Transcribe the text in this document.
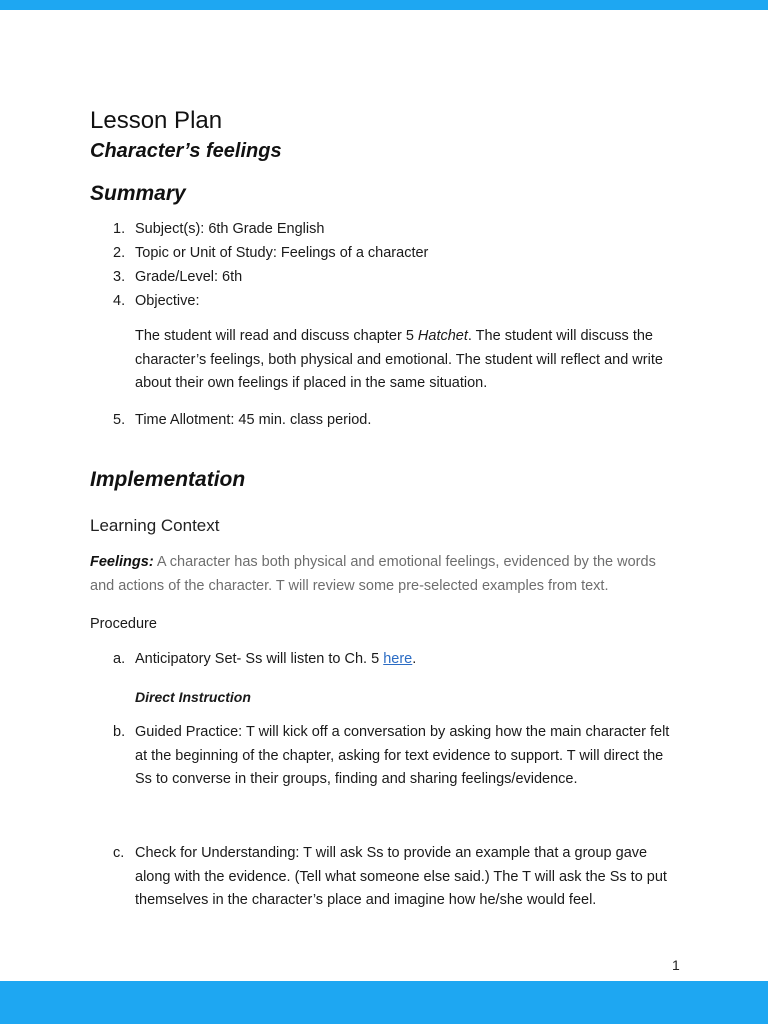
Lesson Plan
Character’s feelings
Summary
1. Subject(s): 6th Grade English
2. Topic or Unit of Study: Feelings of a character
3. Grade/Level: 6th
4. Objective:

The student will read and discuss chapter 5 Hatchet. The student will discuss the character’s feelings, both physical and emotional. The student will reflect and write about their own feelings if placed in the same situation.

5. Time Allotment: 45 min. class period.
Implementation
Learning Context
Feelings: A character has both physical and emotional feelings, evidenced by the words and actions of the character. T will review some pre-selected examples from text.
Procedure
a. Anticipatory Set- Ss will listen to Ch. 5 here.
Direct Instruction
b. Guided Practice: T will kick off a conversation by asking how the main character felt at the beginning of the chapter, asking for text evidence to support. T will direct the Ss to converse in their groups, finding and sharing feelings/evidence.
c. Check for Understanding: T will ask Ss to provide an example that a group gave along with the evidence. (Tell what someone else said.) The T will ask the Ss to put themselves in the character’s place and imagine how he/she would feel.
1
